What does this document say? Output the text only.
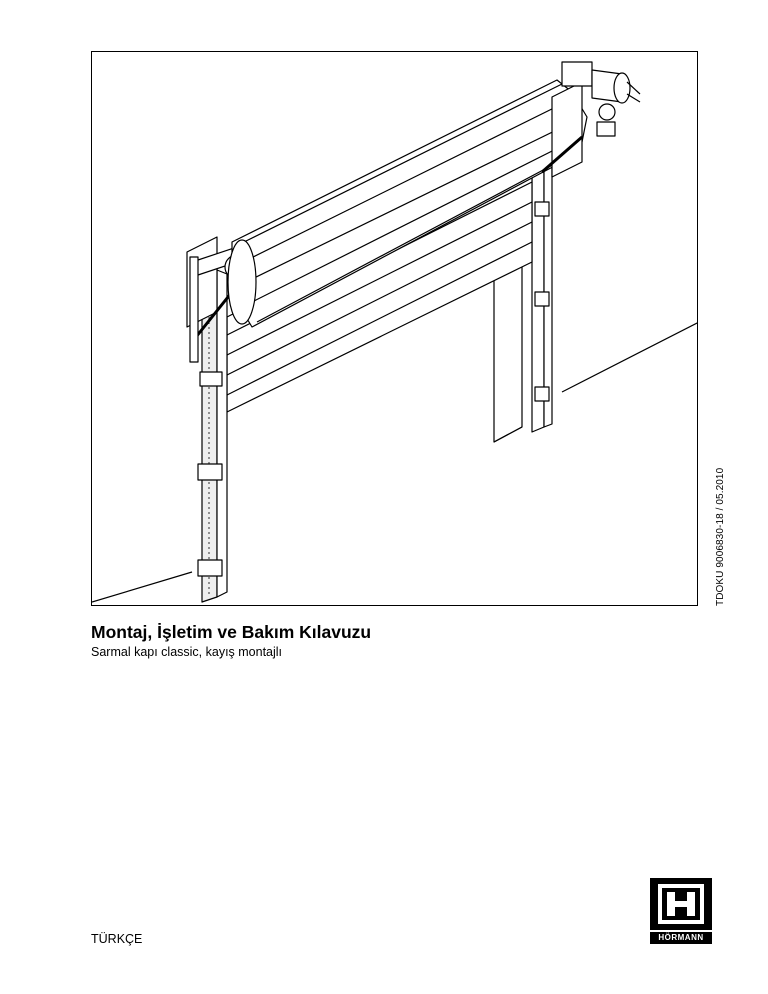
TDOKU 9006830-18 / 05.2010
Montaj, İşletim ve Bakım Kılavuzu

Sarmal kapı classic, kayış montajlı

TÜRKÇE	HÖRMANN
